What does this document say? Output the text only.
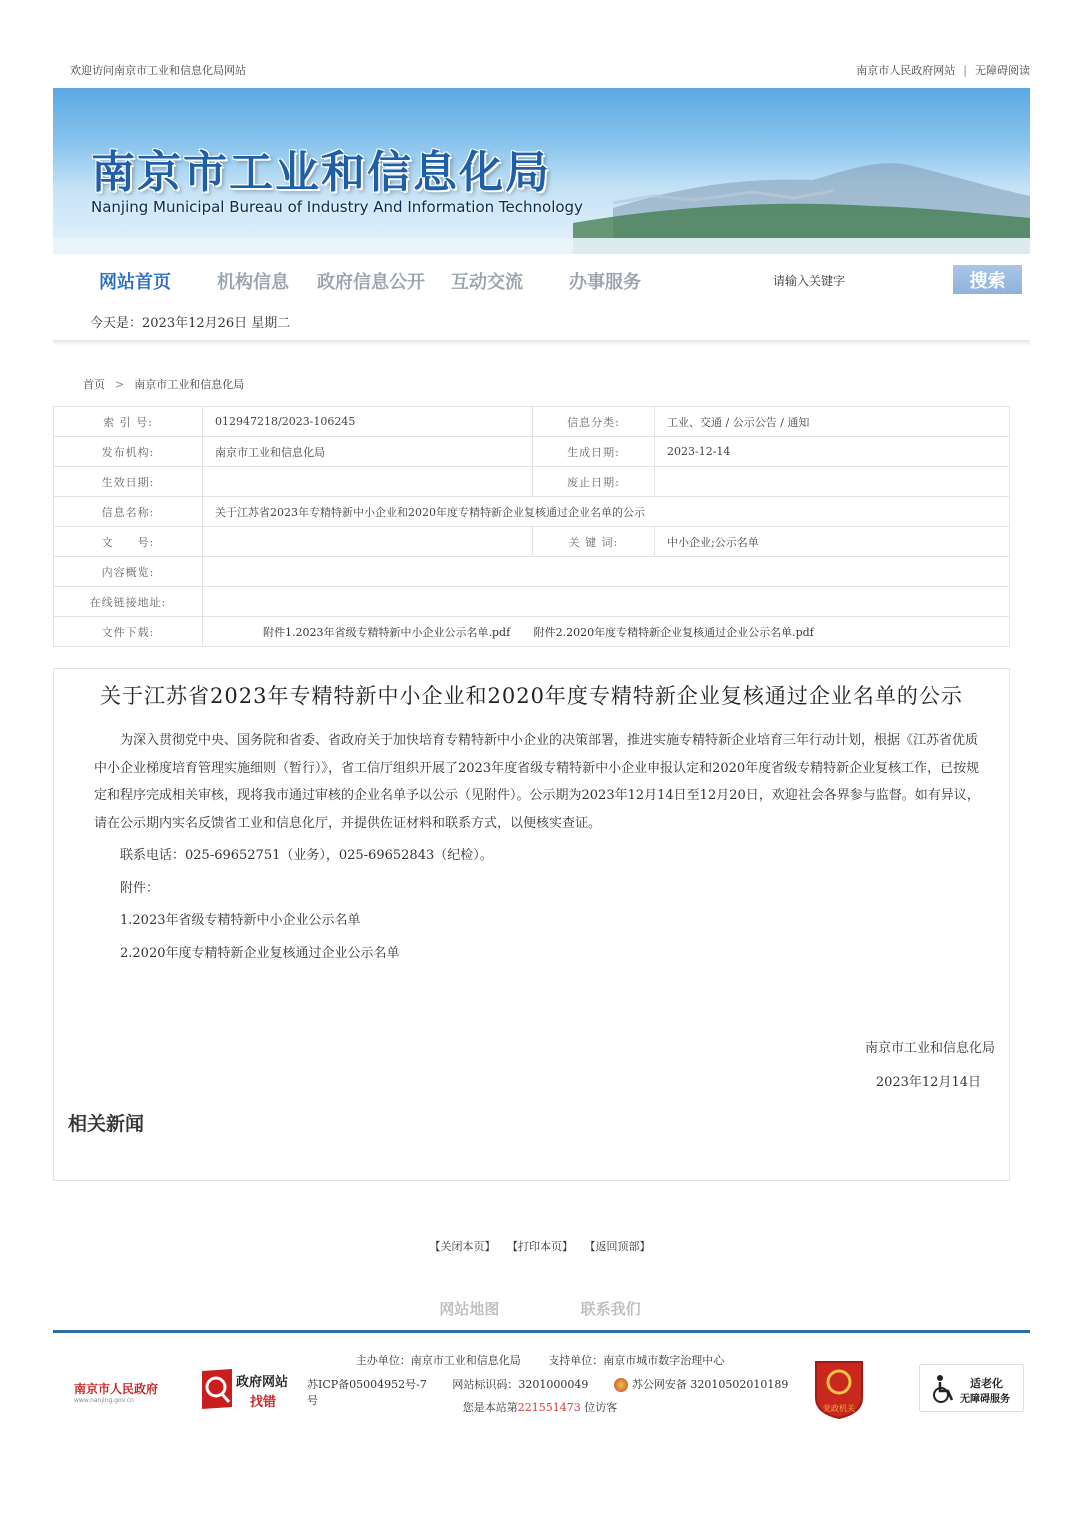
欢迎访问南京市工业和信息化局网站	南京市人民政府网站 | 无障碍阅读
南京市工业和信息化局
Nanjing Municipal Bureau of Industry And Information Technology
网站首页	机构信息 政府信息公开 互动交流	办事服务
请输入关键字	搜索
今天是：2023年12月26日 星期二
首页 > 南京市工业和信息化局
索 引 号:	012947218/2023-106245	信息分类:	工业、交通 / 公示公告 / 通知
发布机构:	南京市工业和信息化局	生成日期:	2023-12-14
生效日期:		废止日期:	
信息名称:	关于江苏省2023年专精特新中小企业和2020年度专精特新企业复核通过企业名单的公示		
文　　号:		关 键 词:	中小企业;公示名单
内容概览:			
在线链接地址:			
文件下载:	附件1.2023年省级专精特新中小企业公示名单.pdf 附件2.2020年度专精特新企业复核通过企业公示名单.pdf		
关于江苏省2023年专精特新中小企业和2020年度专精特新企业复核通过企业名单的公示

为深入贯彻党中央、国务院和省委、省政府关于加快培育专精特新中小企业的决策部署，推进实施专精特新企业培育三年行动计划，根据《江苏省优质中小企业梯度培育管理实施细则（暂行）》，省工信厅组织开展了2023年度省级专精特新中小企业申报认定和2020年度省级专精特新企业复核工作，已按规定和程序完成相关审核，现将我市通过审核的企业名单予以公示（见附件）。公示期为2023年12月14日至12月20日，欢迎社会各界参与监督。如有异议，请在公示期内实名反馈省工业和信息化厅，并提供佐证材料和联系方式，以便核实查证。

联系电话：025-69652751（业务），025-69652843（纪检）。

附件：

1.2023年省级专精特新中小企业公示名单

2.2020年度专精特新企业复核通过企业公示名单

南京市工业和信息化局
2023年12月14日
相关新闻
【关闭本页】 【打印本页】 【返回顶部】
网站地图	联系我们
主办单位：南京市工业和信息化局	支持单位：南京市城市数字治理中心
苏ICP备05004952号-7 网站标识码：3201000049	苏公网安备 32010502010189号
您是本站第221551473 位访客
南京市人民政府
www.nanjing.gov.cn
政府网站
找错	党政机关
适老化
无障碍服务
